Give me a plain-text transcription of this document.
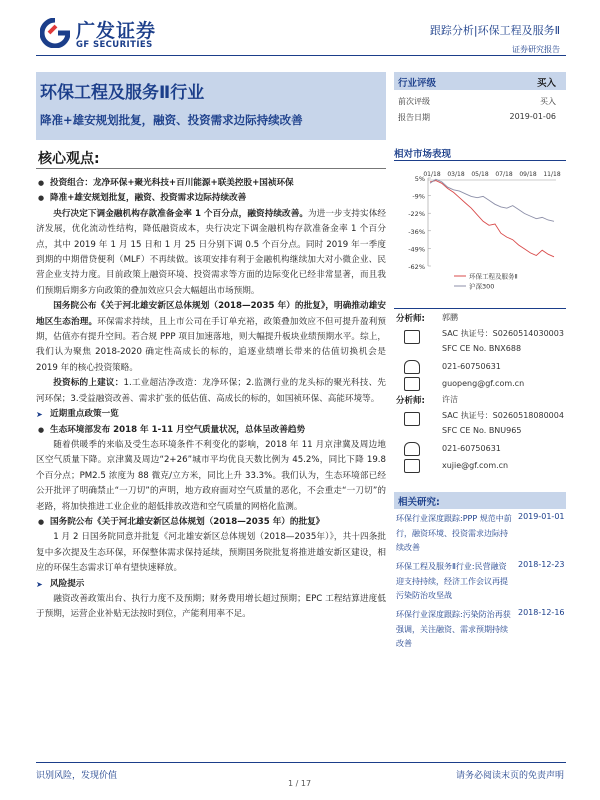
广发证券
GF SECURITIES
跟踪分析|环保工程及服务Ⅱ
证券研究报告
环保工程及服务Ⅱ行业
降准+雄安规划批复，融资、投资需求边际持续改善
核心观点:
● 投资组合：龙净环保+聚光科技+百川能源+联美控股+国祯环保
● 降准+雄安规划批复，融资、投资需求边际持续改善

央行决定下调金融机构存款准备金率 1 个百分点，融资持续改善。为进一步支持实体经济发展，优化流动性结构，降低融资成本，央行决定下调金融机构存款准备金率 1 个百分点，其中 2019 年 1 月 15 日和 1 月 25 日分别下调 0.5 个百分点。同时 2019 年一季度到期的中期借贷便利（MLF）不再续做。该项安排有利于金融机构继续加大对小微企业、民营企业支持力度。目前政策上融资环境、投资需求等方面的边际变化已经非常显著，而且我们预期后期多方向政策的叠加效应只会大幅超出市场预期。

国务院公布《关于河北雄安新区总体规划（2018—2035 年）的批复》，明确推动雄安地区生态治理。环保需求持续，且上市公司在手订单充裕，政策叠加效应不但可提升盈利预期，估值亦有提升空间。若合规 PPP 项目加速落地，则大幅提升板块业绩预期水平。综上，我们认为聚焦 2018-2020 确定性高成长的标的，追逐业绩增长带来的估值切换机会是 2019 年的核心投资策略。

投资标的上建议：1.工业超洁净改造：龙净环保；2.监测行业的龙头标的聚光科技、先河环保；3.受益融资改善、需求扩张的低估值、高成长的标的，如国祯环保、高能环境等。

➤ 近期重点政策一览
● 生态环境部发布 2018 年 1-11 月空气质量状况，总体呈改善趋势

随着供暖季的来临及受生态环境条件不利变化的影响，2018 年 11 月京津冀及周边地区空气质量下降。京津冀及周边“2+26”城市平均优良天数比例为 45.2%，同比下降 19.8 个百分点；PM2.5 浓度为 88 微克/立方米，同比上升 33.3%。我们认为，生态环境部已经公开批评了明确禁止“一刀切”的声明，地方政府面对空气质量的恶化，不会重走“一刀切”的老路，将加快推进工业企业的超低排放改造和空气质量的网格化监测。

● 国务院公布《关于河北雄安新区总体规划（2018—2035 年）的批复》

1 月 2 日国务院同意并批复《河北雄安新区总体规划（2018—2035年）》，共十四条批复中多次提及生态环保，环保整体需求保持延续，预期国务院批复将推进雄安新区建设，相应的环保生态需求订单有望快速释放。

➤ 风险提示

融资改善政策出台、执行力度不及预期；财务费用增长超过预期；EPC 工程结算进度低于预期，运营企业补贴无法按时到位，产能利用率不足。

行业评级	买入
前次评级	买入
报告日期	2019-01-06
相对市场表现
5%
-9%
-22%
-36%
-49%
-62%
01/18 03/18 05/18 07/18 09/18 11/18
环保工程及服务Ⅱ
沪深300
分析师: 郭鹏
SAC 执证号：S0260514030003
SFC CE No. BNX688
021-60750631
guopeng@gf.com.cn
分析师: 许洁
SAC 执证号：S0260518080004
SFC CE No. BNU965
021-60750631
xujie@gf.com.cn
相关研究:
环保行业深度跟踪:PPP 规范中前行，融资环境、投资需求边际持续改善
2019-01-01
环保工程及服务Ⅱ行业:民营融资迎支持持续，经济工作会议再提污染防治攻坚战
2018-12-23
环保行业深度跟踪:污染防治再获强调，关注融资、需求预期持续改善
2018-12-16
识别风险，发现价值	请务必阅读末页的免责声明
1 / 17
